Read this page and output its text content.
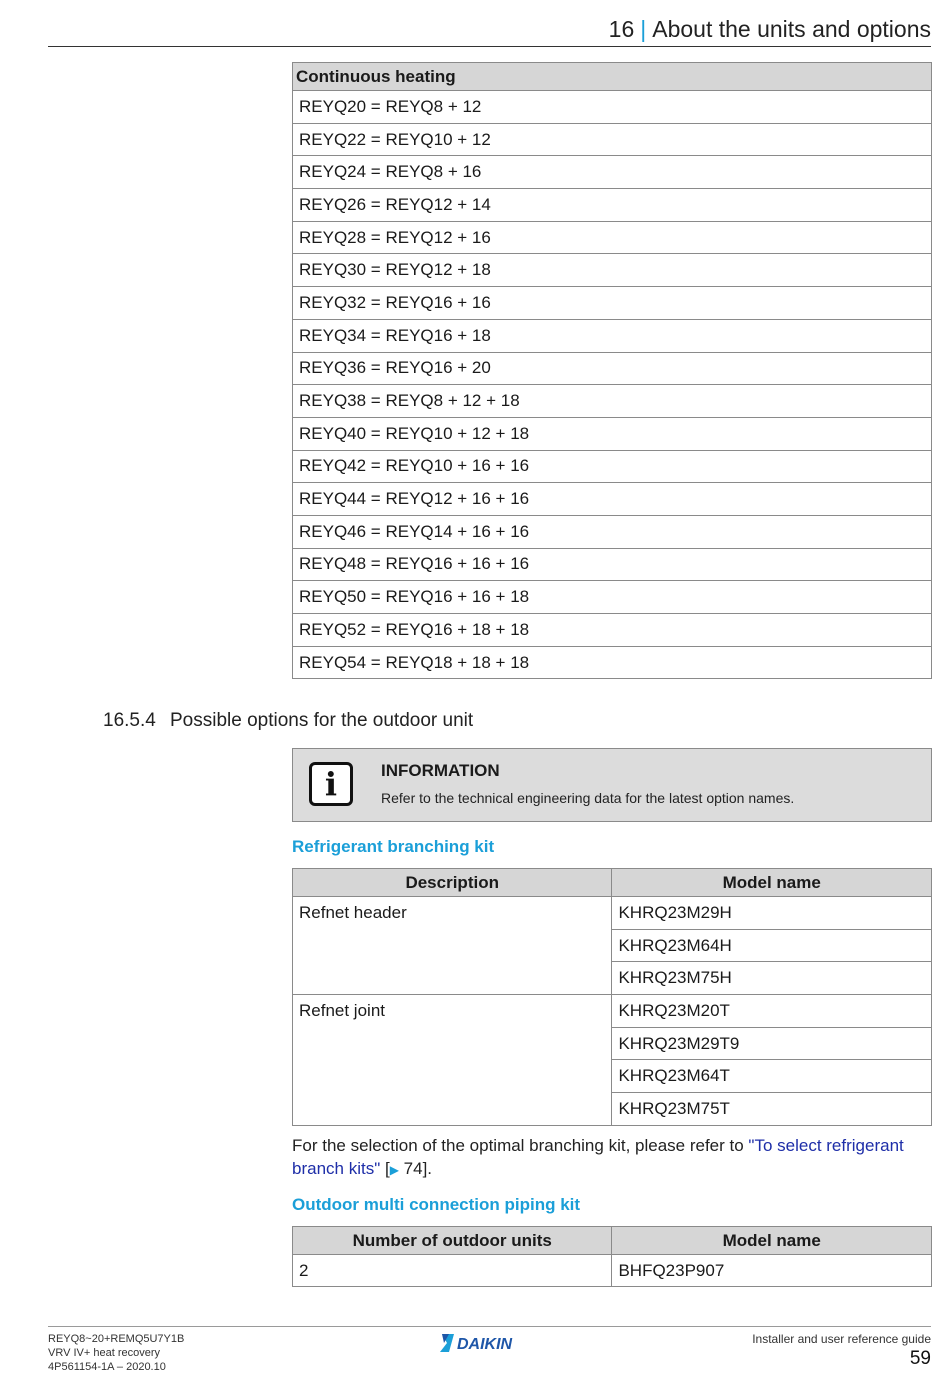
16 | About the units and options
Continuous heating
REYQ20 = REYQ8 + 12
REYQ22 = REYQ10 + 12
REYQ24 = REYQ8 + 16
REYQ26 = REYQ12 + 14
REYQ28 = REYQ12 + 16
REYQ30 = REYQ12 + 18
REYQ32 = REYQ16 + 16
REYQ34 = REYQ16 + 18
REYQ36 = REYQ16 + 20
REYQ38 = REYQ8 + 12 + 18
REYQ40 = REYQ10 + 12 + 18
REYQ42 = REYQ10 + 16 + 16
REYQ44 = REYQ12 + 16 + 16
REYQ46 = REYQ14 + 16 + 16
REYQ48 = REYQ16 + 16 + 16
REYQ50 = REYQ16 + 16 + 18
REYQ52 = REYQ16 + 18 + 18
REYQ54 = REYQ18 + 18 + 18
16.5.4 Possible options for the outdoor unit
i	INFORMATION
Refer to the technical engineering data for the latest option names.
Refrigerant branching kit
Description	Model name
Refnet header	KHRQ23M29H
	KHRQ23M64H
	KHRQ23M75H
Refnet joint	KHRQ23M20T
	KHRQ23M29T9
	KHRQ23M64T
	KHRQ23M75T
For the selection of the optimal branching kit, please refer to "To select refrigerant branch kits" [▶ 74].
Outdoor multi connection piping kit
Number of outdoor units	Model name
2	BHFQ23P907
REYQ8~20+REMQ5U7Y1B
VRV IV+ heat recovery
4P561154-1A – 2020.10
DAIKIN	Installer and user reference guide
59
